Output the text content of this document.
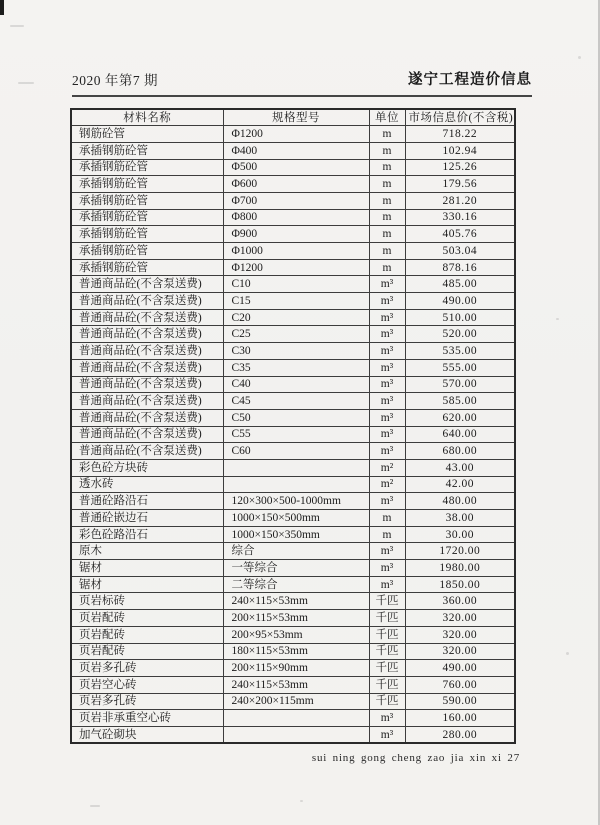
2020 年第7 期	遂宁工程造价信息
材料名称	规格型号	单位	市场信息价(不含税)
钢筋砼管	Φ1200	m	718.22
承插钢筋砼管	Φ400	m	102.94
承插钢筋砼管	Φ500	m	125.26
承插钢筋砼管	Φ600	m	179.56
承插钢筋砼管	Φ700	m	281.20
承插钢筋砼管	Φ800	m	330.16
承插钢筋砼管	Φ900	m	405.76
承插钢筋砼管	Φ1000	m	503.04
承插钢筋砼管	Φ1200	m	878.16
普通商品砼(不含泵送费)	C10	m³	485.00
普通商品砼(不含泵送费)	C15	m³	490.00
普通商品砼(不含泵送费)	C20	m³	510.00
普通商品砼(不含泵送费)	C25	m³	520.00
普通商品砼(不含泵送费)	C30	m³	535.00
普通商品砼(不含泵送费)	C35	m³	555.00
普通商品砼(不含泵送费)	C40	m³	570.00
普通商品砼(不含泵送费)	C45	m³	585.00
普通商品砼(不含泵送费)	C50	m³	620.00
普通商品砼(不含泵送费)	C55	m³	640.00
普通商品砼(不含泵送费)	C60	m³	680.00
彩色砼方块砖		m²	43.00
透水砖		m²	42.00
普通砼路沿石	120×300×500-1000mm	m³	480.00
普通砼嵌边石	1000×150×500mm	m	38.00
彩色砼路沿石	1000×150×350mm	m	30.00
原木	综合	m³	1720.00
锯材	一等综合	m³	1980.00
锯材	二等综合	m³	1850.00
页岩标砖	240×115×53mm	千匹	360.00
页岩配砖	200×115×53mm	千匹	320.00
页岩配砖	200×95×53mm	千匹	320.00
页岩配砖	180×115×53mm	千匹	320.00
页岩多孔砖	200×115×90mm	千匹	490.00
页岩空心砖	240×115×53mm	千匹	760.00
页岩多孔砖	240×200×115mm	千匹	590.00
页岩非承重空心砖		m³	160.00
加气砼砌块		m³	280.00
sui ning gong cheng zao jia xin xi 27
